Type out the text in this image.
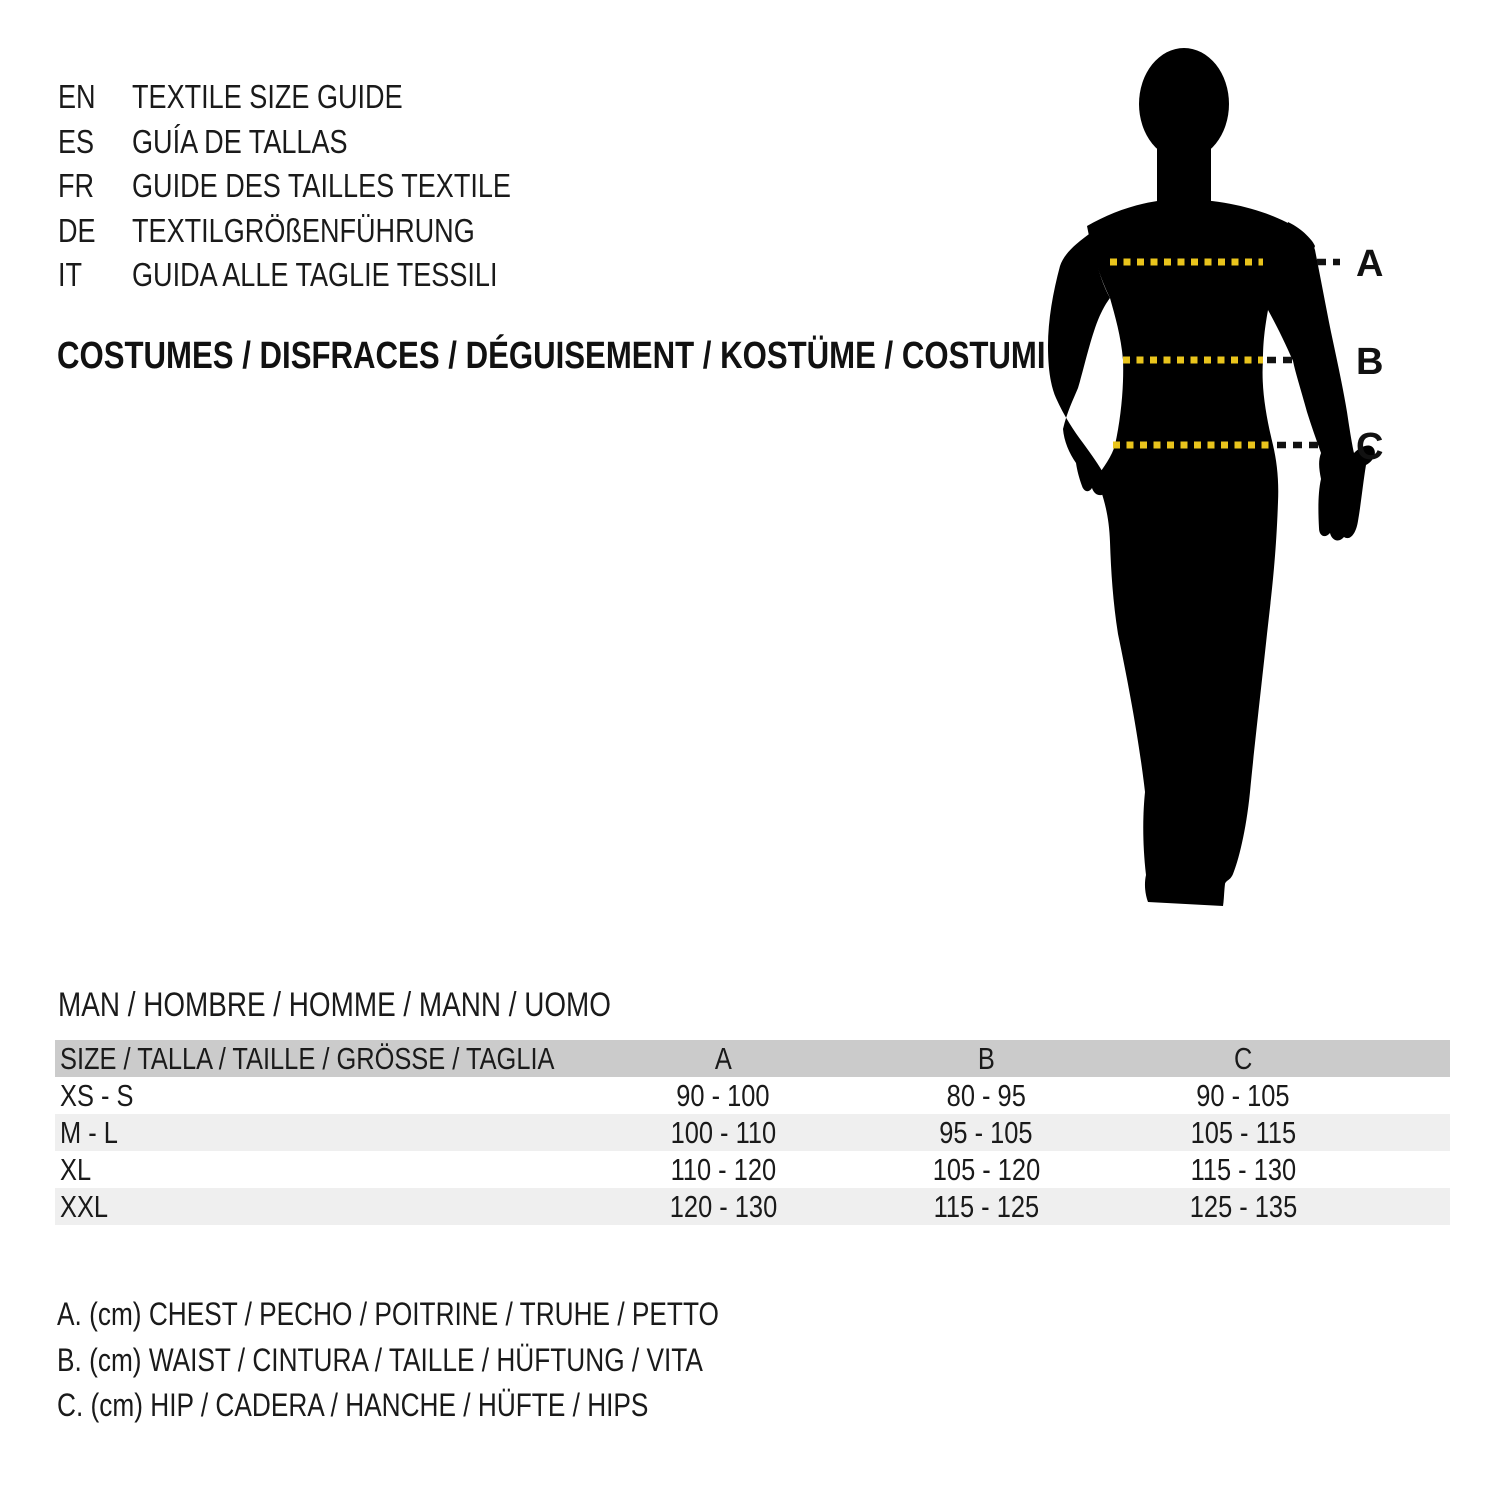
EN TEXTILE SIZE GUIDE
ES GUÍA DE TALLAS
FR GUIDE DES TAILLES TEXTILE
DE TEXTILGRÖßENFÜHRUNG
IT GUIDA ALLE TAGLIE TESSILI
COSTUMES / DISFRACES / DÉGUISEMENT / KOSTÜME / COSTUMI
A
B
C
MAN / HOMBRE / HOMME / MANN / UOMO
SIZE / TALLA / TAILLE / GRÖSSE / TAGLIA	A	B	C
XS - S	90 - 100	80 - 95	90 - 105
M - L	100 - 110	95 - 105	105 - 115
XL	110 - 120	105 - 120	115 - 130
XXL	120 - 130	115 - 125	125 - 135
A. (cm) CHEST / PECHO / POITRINE / TRUHE / PETTO
B. (cm) WAIST / CINTURA / TAILLE / HÜFTUNG / VITA
C. (cm) HIP / CADERA / HANCHE / HÜFTE / HIPS
